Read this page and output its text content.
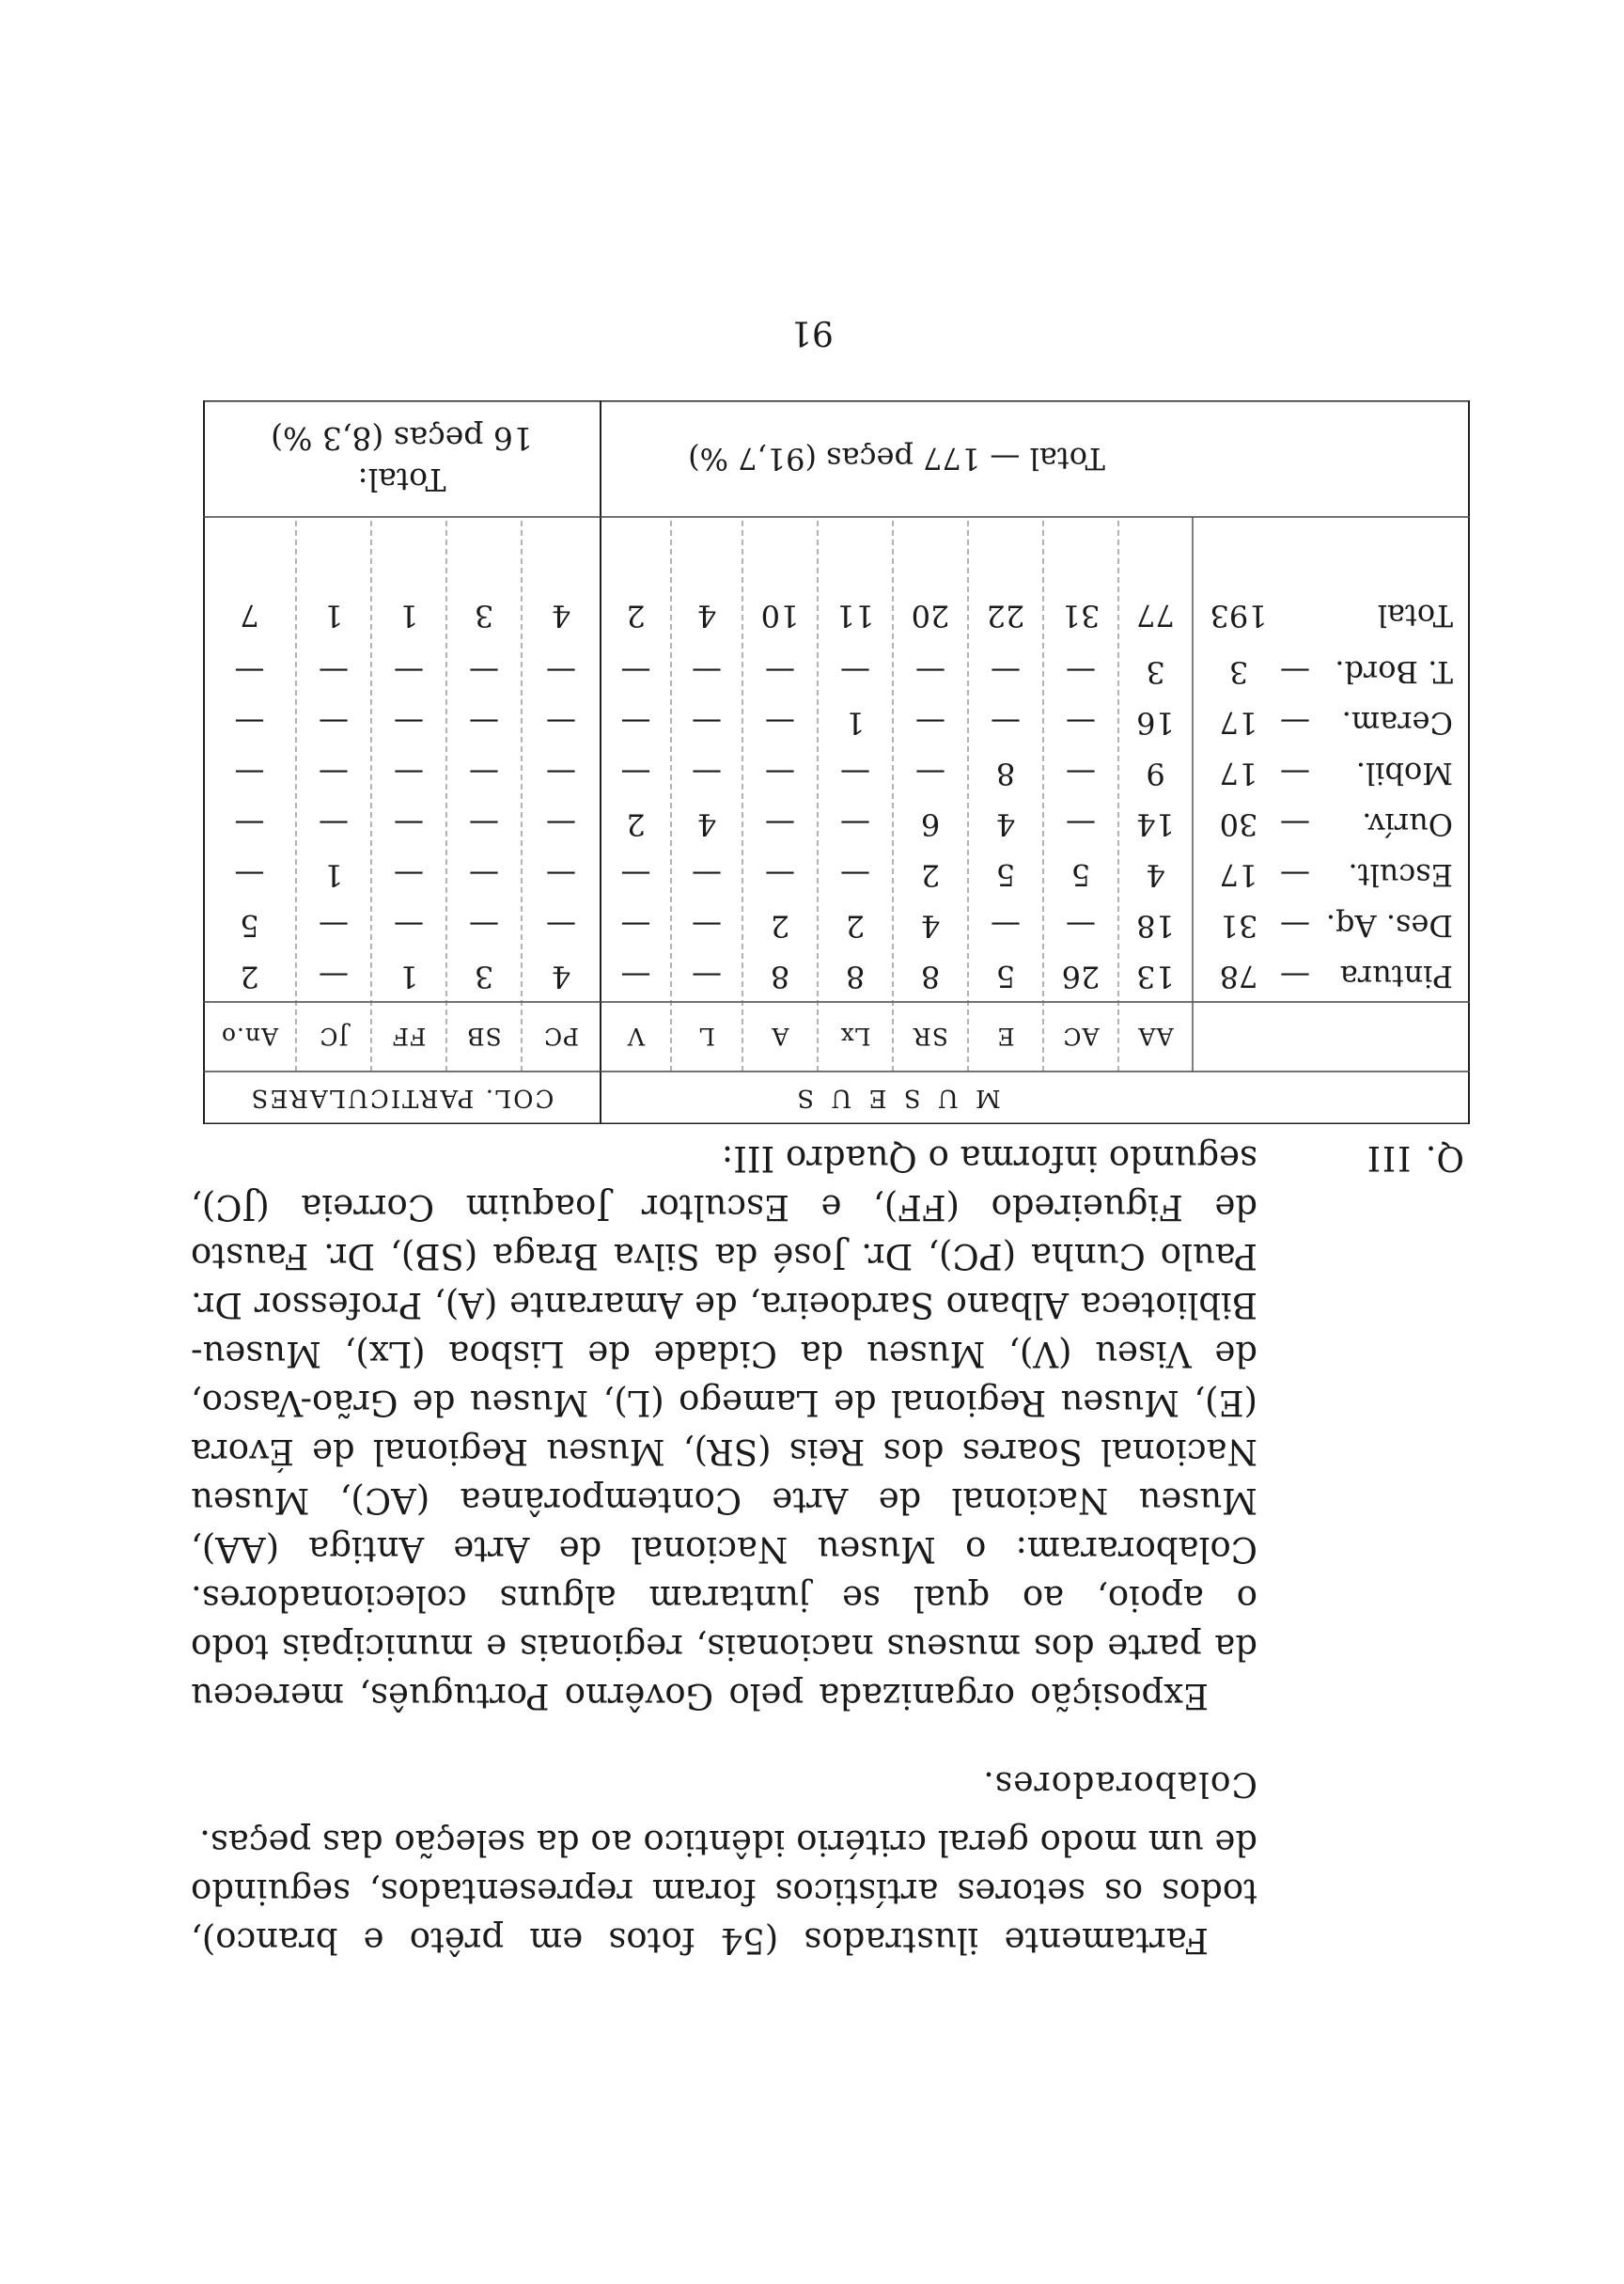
Fartamente ilustrados (54 fotos em prêto e branco), todos os setores artísticos foram representados, seguindo de um modo geral critério idêntico ao da seleção das peças.

Colaboradores.

Exposição organizada pelo Govêrno Português, mereceu da parte dos museus nacionais, regionais e municipais todo o apoio, ao qual se juntaram alguns colecionadores. Colaboraram: o Museu Nacional de Arte Antiga (AA), Museu Nacional de Arte Contemporânea (AC), Museu Nacional Soares dos Reis (SR), Museu Regional de Évora (E), Museu Regional de Lamego (L), Museu de Grão-Vasco, de Viseu (V), Museu da Cidade de Lisboa (Lx), Museu-Biblioteca Albano Sardoeira, de Amarante (A), Professor Dr. Paulo Cunha (PC), Dr. José da Silva Braga (SB), Dr. Fausto de Figueiredo (FF), e Escultor Joaquim Correia (JC), segundo informa o Quadro III:	Q. III
M U S E U S
COL. PARTICULARES
AA
AC
E
SR
Lx
A
L
V
PC
SB
FF
JC
An.o
Pintura
—
78
13
26
5
8
8
8
—
—
4
3
1
—
2
Des. Aq.
—
31
18
—
—
4
2
2
—
—
—
—
—
—
5
Escult.
—
17
4
5
5
2
—
—
—
—
—
—
—
1
—
Ourív.
—
30
14
—
4
6
—
—
4
2
—
—
—
—
—
Mobil.
—
17
9
—
8
—
—
—
—
—
—
—
—
—
—
Ceram.
—
17
16
—
—
—
1
—
—
—
—
—
—
—
—
T. Bord.
—
3
3
—
—
—
—
—
—
—
—
—
—
—
—
Total
193
77
31
22
20
11
10
4
2
4
3
1
1
7
Total — 177 peças (91,7 %)
Total:
16 peças (8,3 %)
91
